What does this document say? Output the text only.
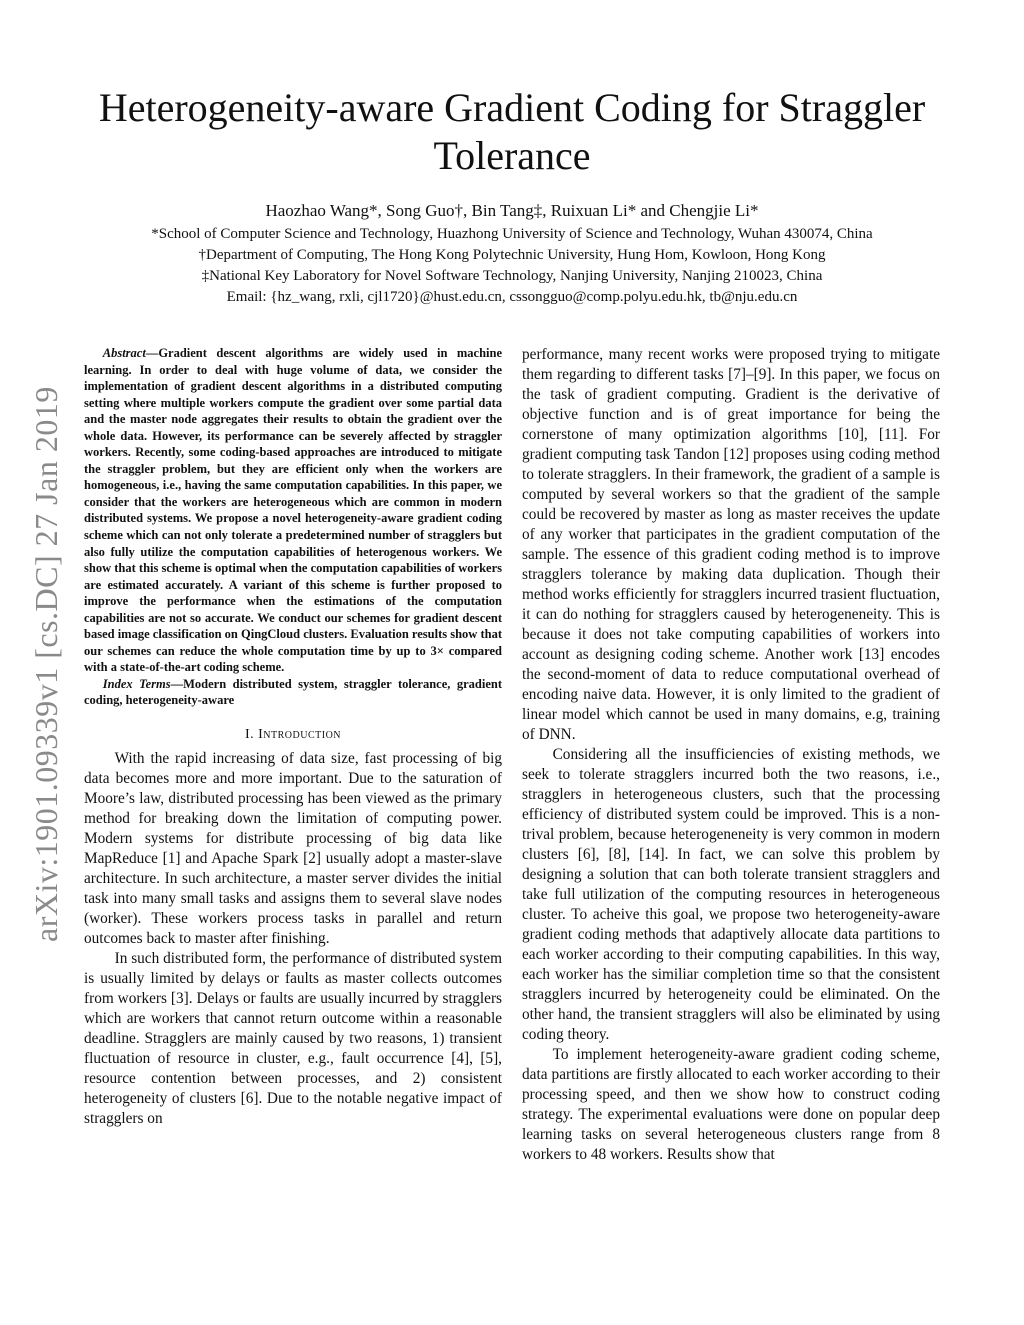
Heterogeneity-aware Gradient Coding for Straggler
Tolerance
Haozhao Wang*, Song Guo†, Bin Tang‡, Ruixuan Li* and Chengjie Li*
*School of Computer Science and Technology, Huazhong University of Science and Technology, Wuhan 430074, China
†Department of Computing, The Hong Kong Polytechnic University, Hung Hom, Kowloon, Hong Kong
‡National Key Laboratory for Novel Software Technology, Nanjing University, Nanjing 210023, China
Email: {hz_wang, rxli, cjl1720}@hust.edu.cn, cssongguo@comp.polyu.edu.hk, tb@nju.edu.cn
arXiv:1901.09339v1 [cs.DC] 27 Jan 2019

Abstract—Gradient descent algorithms are widely used in machine learning. In order to deal with huge volume of data, we consider the implementation of gradient descent algorithms in a distributed computing setting where multiple workers compute the gradient over some partial data and the master node aggregates their results to obtain the gradient over the whole data. However, its performance can be severely affected by straggler workers. Recently, some coding-based approaches are introduced to mitigate the straggler problem, but they are efficient only when the workers are homogeneous, i.e., having the same computation capabilities. In this paper, we consider that the workers are heterogeneous which are common in modern distributed systems. We propose a novel heterogeneity-aware gradient coding scheme which can not only tolerate a predetermined number of stragglers but also fully utilize the computation capabilities of heterogenous workers. We show that this scheme is optimal when the computation capabilities of workers are estimated accurately. A variant of this scheme is further proposed to improve the performance when the estimations of the computation capabilities are not so accurate. We conduct our schemes for gradient descent based image classification on QingCloud clusters. Evaluation results show that our schemes can reduce the whole computation time by up to 3× compared with a state-of-the-art coding scheme.

Index Terms—Modern distributed system, straggler tolerance, gradient coding, heterogeneity-aware

I. Introduction

With the rapid increasing of data size, fast processing of big data becomes more and more important. Due to the saturation of Moore’s law, distributed processing has been viewed as the primary method for breaking down the limitation of computing power. Modern systems for distribute processing of big data like MapReduce [1] and Apache Spark [2] usually adopt a master-slave architecture. In such architecture, a master server divides the initial task into many small tasks and assigns them to several slave nodes (worker). These workers process tasks in parallel and return outcomes back to master after finishing.

In such distributed form, the performance of distributed system is usually limited by delays or faults as master collects outcomes from workers [3]. Delays or faults are usually incurred by stragglers which are workers that cannot return outcome within a reasonable deadline. Stragglers are mainly caused by two reasons, 1) transient fluctuation of resource in cluster, e.g., fault occurrence [4], [5], resource contention between processes, and 2) consistent heterogeneity of clusters [6]. Due to the notable negative impact of stragglers on

performance, many recent works were proposed trying to mitigate them regarding to different tasks [7]–[9]. In this paper, we focus on the task of gradient computing. Gradient is the derivative of objective function and is of great importance for being the cornerstone of many optimization algorithms [10], [11]. For gradient computing task Tandon [12] proposes using coding method to tolerate stragglers. In their framework, the gradient of a sample is computed by several workers so that the gradient of the sample could be recovered by master as long as master receives the update of any worker that participates in the gradient computation of the sample. The essence of this gradient coding method is to improve stragglers tolerance by making data duplication. Though their method works efficiently for stragglers incurred trasient fluctuation, it can do nothing for stragglers caused by heterogeneneity. This is because it does not take computing capabilities of workers into account as designing coding scheme. Another work [13] encodes the second-moment of data to reduce computational overhead of encoding naive data. However, it is only limited to the gradient of linear model which cannot be used in many domains, e.g, training of DNN.

Considering all the insufficiencies of existing methods, we seek to tolerate stragglers incurred both the two reasons, i.e., stragglers in heterogeneous clusters, such that the processing efficiency of distributed system could be improved. This is a non-trival problem, because heterogeneneity is very common in modern clusters [6], [8], [14]. In fact, we can solve this problem by designing a solution that can both tolerate transient stragglers and take full utilization of the computing resources in heterogeneous cluster. To acheive this goal, we propose two heterogeneity-aware gradient coding methods that adaptively allocate data partitions to each worker according to their computing capabilities. In this way, each worker has the similiar completion time so that the consistent stragglers incurred by heterogeneity could be eliminated. On the other hand, the transient stragglers will also be eliminated by using coding theory.

To implement heterogeneity-aware gradient coding scheme, data partitions are firstly allocated to each worker according to their processing speed, and then we show how to construct coding strategy. The experimental evaluations were done on popular deep learning tasks on several heterogeneous clusters range from 8 workers to 48 workers. Results show that
